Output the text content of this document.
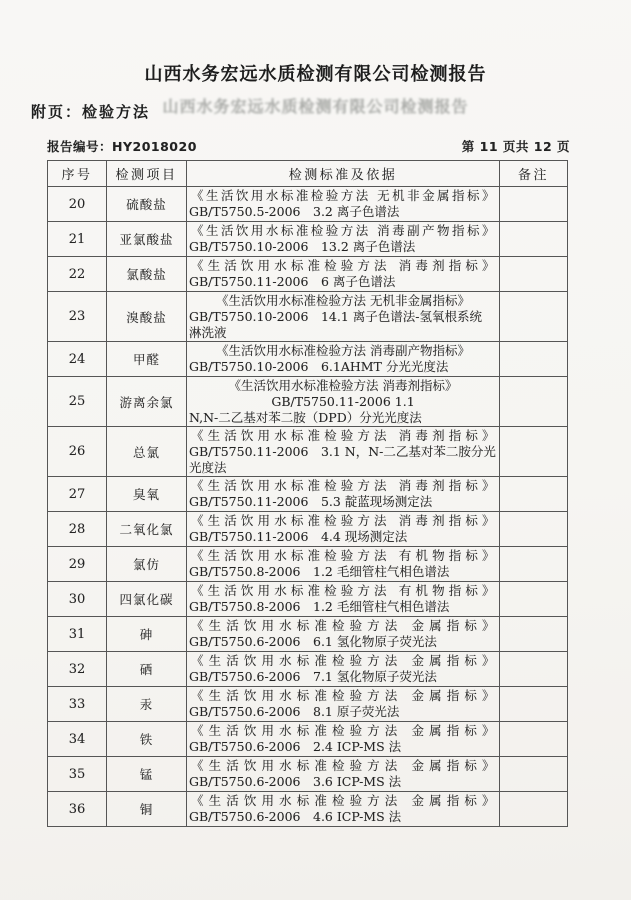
山西水务宏远水质检测有限公司检测报告
山西水务宏远水质检测有限公司检测报告
附页：检验方法
报告编号：HY2018020	第 11 页共 12 页
序号	检测项目	检测标准及依据	备注
20	硫酸盐	《生活饮用水标准检验方法 无机非金属指标》
GB/T5750.5-2006　3.2 离子色谱法	

21	亚氯酸盐	《生活饮用水标准检验方法 消毒副产物指标》
GB/T5750.10-2006　13.2 离子色谱法	

22	氯酸盐	《生活饮用水标准检验方法 消毒剂指标》
GB/T5750.11-2006　6 离子色谱法	

23	溴酸盐	《生活饮用水标准检验方法 无机非金属指标》
GB/T5750.10-2006　14.1 离子色谱法-氢氧根系统
淋洗液	

24	甲醛	《生活饮用水标准检验方法 消毒副产物指标》
GB/T5750.10-2006　6.1AHMT 分光光度法	

25	游离余氯	《生活饮用水标准检验方法 消毒剂指标》
GB/T5750.11-2006 1.1
N,N-二乙基对苯二胺（DPD）分光光度法	

26	总氯	《生活饮用水标准检验方法 消毒剂指标》
GB/T5750.11-2006　3.1 N，N-二乙基对苯二胺分光
光度法	

27	臭氧	《生活饮用水标准检验方法 消毒剂指标》
GB/T5750.11-2006　5.3 靛蓝现场测定法	

28	二氧化氯	《生活饮用水标准检验方法 消毒剂指标》
GB/T5750.11-2006　4.4 现场测定法	

29	氯仿	《生活饮用水标准检验方法 有机物指标》
GB/T5750.8-2006　1.2 毛细管柱气相色谱法	

30	四氯化碳	《生活饮用水标准检验方法 有机物指标》
GB/T5750.8-2006　1.2 毛细管柱气相色谱法	

31	砷	《生活饮用水标准检验方法 金属指标》
GB/T5750.6-2006　6.1 氢化物原子荧光法	

32	硒	《生活饮用水标准检验方法 金属指标》
GB/T5750.6-2006　7.1 氢化物原子荧光法	

33	汞	《生活饮用水标准检验方法 金属指标》
GB/T5750.6-2006　8.1 原子荧光法	

34	铁	《生活饮用水标准检验方法 金属指标》
GB/T5750.6-2006　2.4 ICP-MS 法	

35	锰	《生活饮用水标准检验方法 金属指标》
GB/T5750.6-2006　3.6 ICP-MS 法	

36	铜	《生活饮用水标准检验方法 金属指标》
GB/T5750.6-2006　4.6 ICP-MS 法	
